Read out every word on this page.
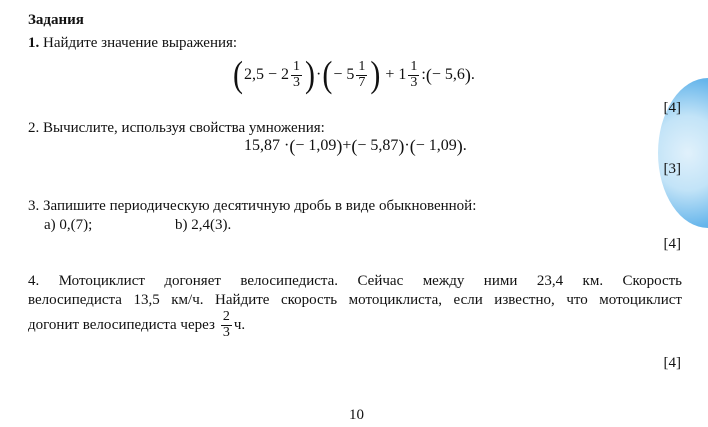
Задания
1. Найдите значение выражения:
( $2,5 - 2 \frac{1}{3}$ ) · ( − $5 \frac{1}{7}$ ) + $1 \frac{1}{3}$ : ( − 5,6 ) .
[4]
2. Вычислите, используя свойства умножения:
15,87 · ( − 1,09 ) + ( − 5,87 ) · ( − 1,09 ) .
[3]
3. Запишите периодическую десятичную дробь в виде обыкновенной:
a) 0,(7);	b) 2,4(3).
[4]
4. Мотоциклист догоняет велосипедиста. Сейчас между ними 23,4 км. Скорость
велосипедиста 13,5 км/ч. Найдите скорость мотоциклиста, если известно, что мотоциклист
догонит велосипедиста через $\frac{2}{3} ч$.
[4]
10
